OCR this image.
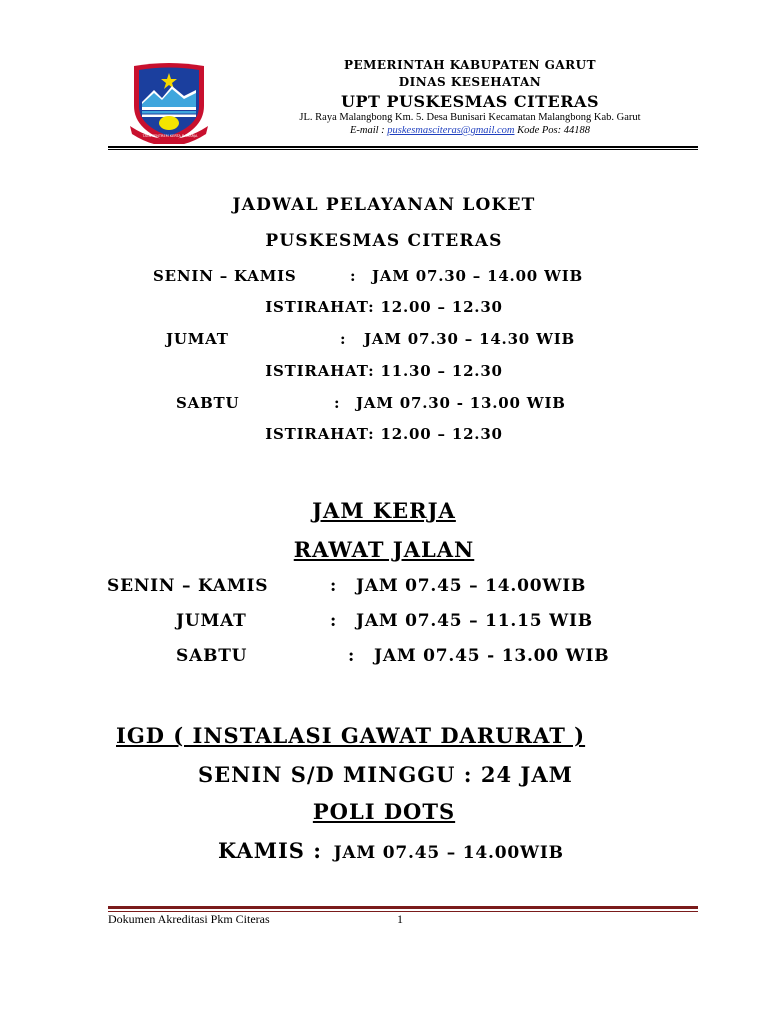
TATA TENTREM KERTA RAHARJA
PEMERINTAH KABUPATEN GARUT
DINAS KESEHATAN
UPT PUSKESMAS CITERAS
JL. Raya Malangbong Km. 5. Desa Bunisari Kecamatan Malangbong Kab. Garut
E-mail : puskesmasciteras@gmail.com Kode Pos: 44188
JADWAL PELAYANAN LOKET
PUSKESMAS CITERAS
SENIN – KAMIS	: JAM 07.30 – 14.00 WIB
ISTIRAHAT: 12.00 – 12.30
JUMAT	: JAM 07.30 – 14.30 WIB
ISTIRAHAT: 11.30 – 12.30
SABTU	: JAM 07.30 - 13.00 WIB
ISTIRAHAT: 12.00 – 12.30
JAM KERJA
RAWAT JALAN
SENIN – KAMIS	: JAM 07.45 – 14.00WIB
JUMAT	: JAM 07.45 – 11.15 WIB
SABTU	: JAM 07.45 - 13.00 WIB
IGD ( INSTALASI GAWAT DARURAT )
SENIN S/D MINGGU : 24 JAM
POLI DOTS
KAMIS : JAM 07.45 – 14.00WIB
Dokumen Akreditasi Pkm Citeras	1
